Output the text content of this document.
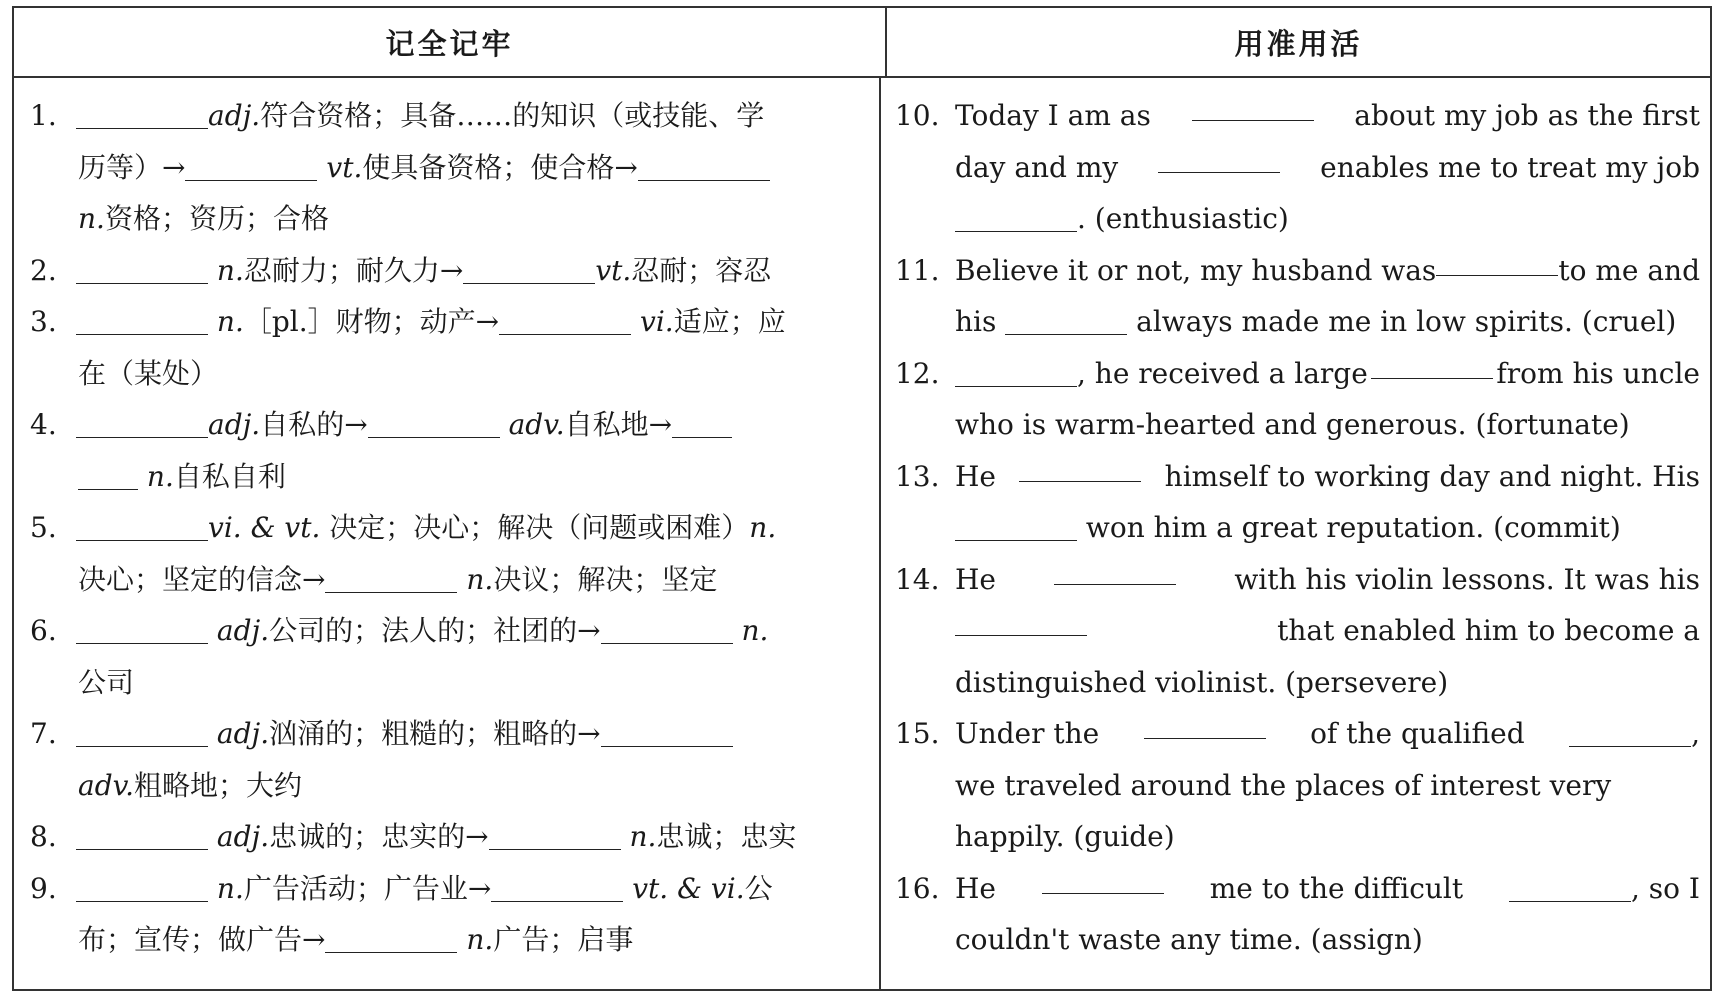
记全记牢	用准用活
1.	adj.符合资格；具备……的知识（或技能、学
历等）→	vt.使具备资格；使合格→
n.资格；资历；合格
2.	n.忍耐力；耐久力→	vt.忍耐；容忍
3.	n.［pl.］财物；动产→	vi.适应；应
在（某处）
4.	adj.自私的→	adv.自私地→
n.自私自利
5.	vi. & vt. 决定；决心；解决（问题或困难）n.
决心；坚定的信念→	n.决议；解决；坚定
6.	adj.公司的；法人的；社团的→	n.
公司
7.	adj.汹涌的；粗糙的；粗略的→
adv.粗略地；大约
8.	adj.忠诚的；忠实的→	n.忠诚；忠实
9.	n.广告活动；广告业→	vt. & vi.公
布；宣传；做广告→	n.广告；启事
10. Today I am as	about my job as the first
day and my	enables me to treat my job
. (enthusiastic)
11. Believe it or not, my husband was	to me and
his	always made me in low spirits. (cruel)
12.	, he received a large	from his uncle
who is warm-hearted and generous. (fortunate)
13. He	himself to working day and night. His
won him a great reputation. (commit)
14. He	with his violin lessons. It was his
that enabled him to become a
distinguished violinist. (persevere)
15. Under the	of the qualified	,
we traveled around the places of interest very
happily. (guide)
16. He	me to the difficult	, so I
couldn't waste any time. (assign)
